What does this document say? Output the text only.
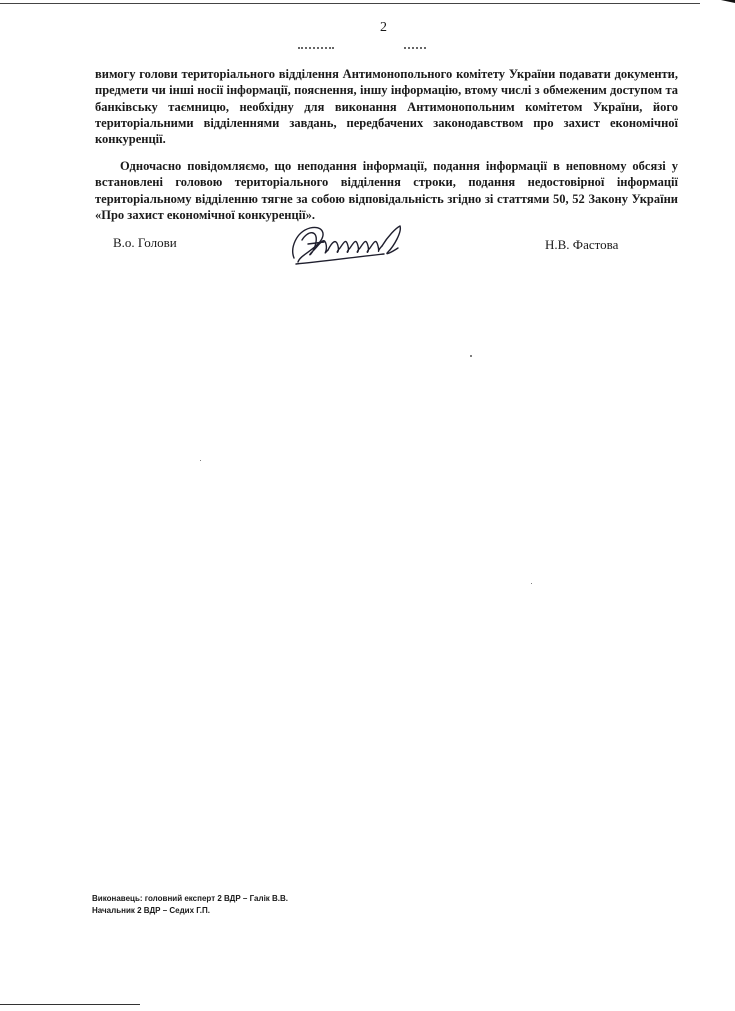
2

вимогу голови територіального відділення Антимонопольного комітету України подавати документи, предмети чи інші носії інформації, пояснення, іншу інформацію, втому числі з обмеженим доступом та банківську таємницю, необхідну для виконання Антимонопольним комітетом України, його територіальними відділеннями завдань, передбачених законодавством про захист економічної конкуренції.

Одночасно повідомляємо, що неподання інформації, подання інформації в неповному обсязі у встановлені головою територіального відділення строки, подання недостовірної інформації територіальному відділенню тягне за собою відповідальність згідно зі статтями 50, 52 Закону України «Про захист економічної конкуренції».

В.о. Голови	Н.В. Фастова
Виконавець: головний експерт 2 ВДР – Галік В.В.
Начальник 2 ВДР – Седих Г.П.
